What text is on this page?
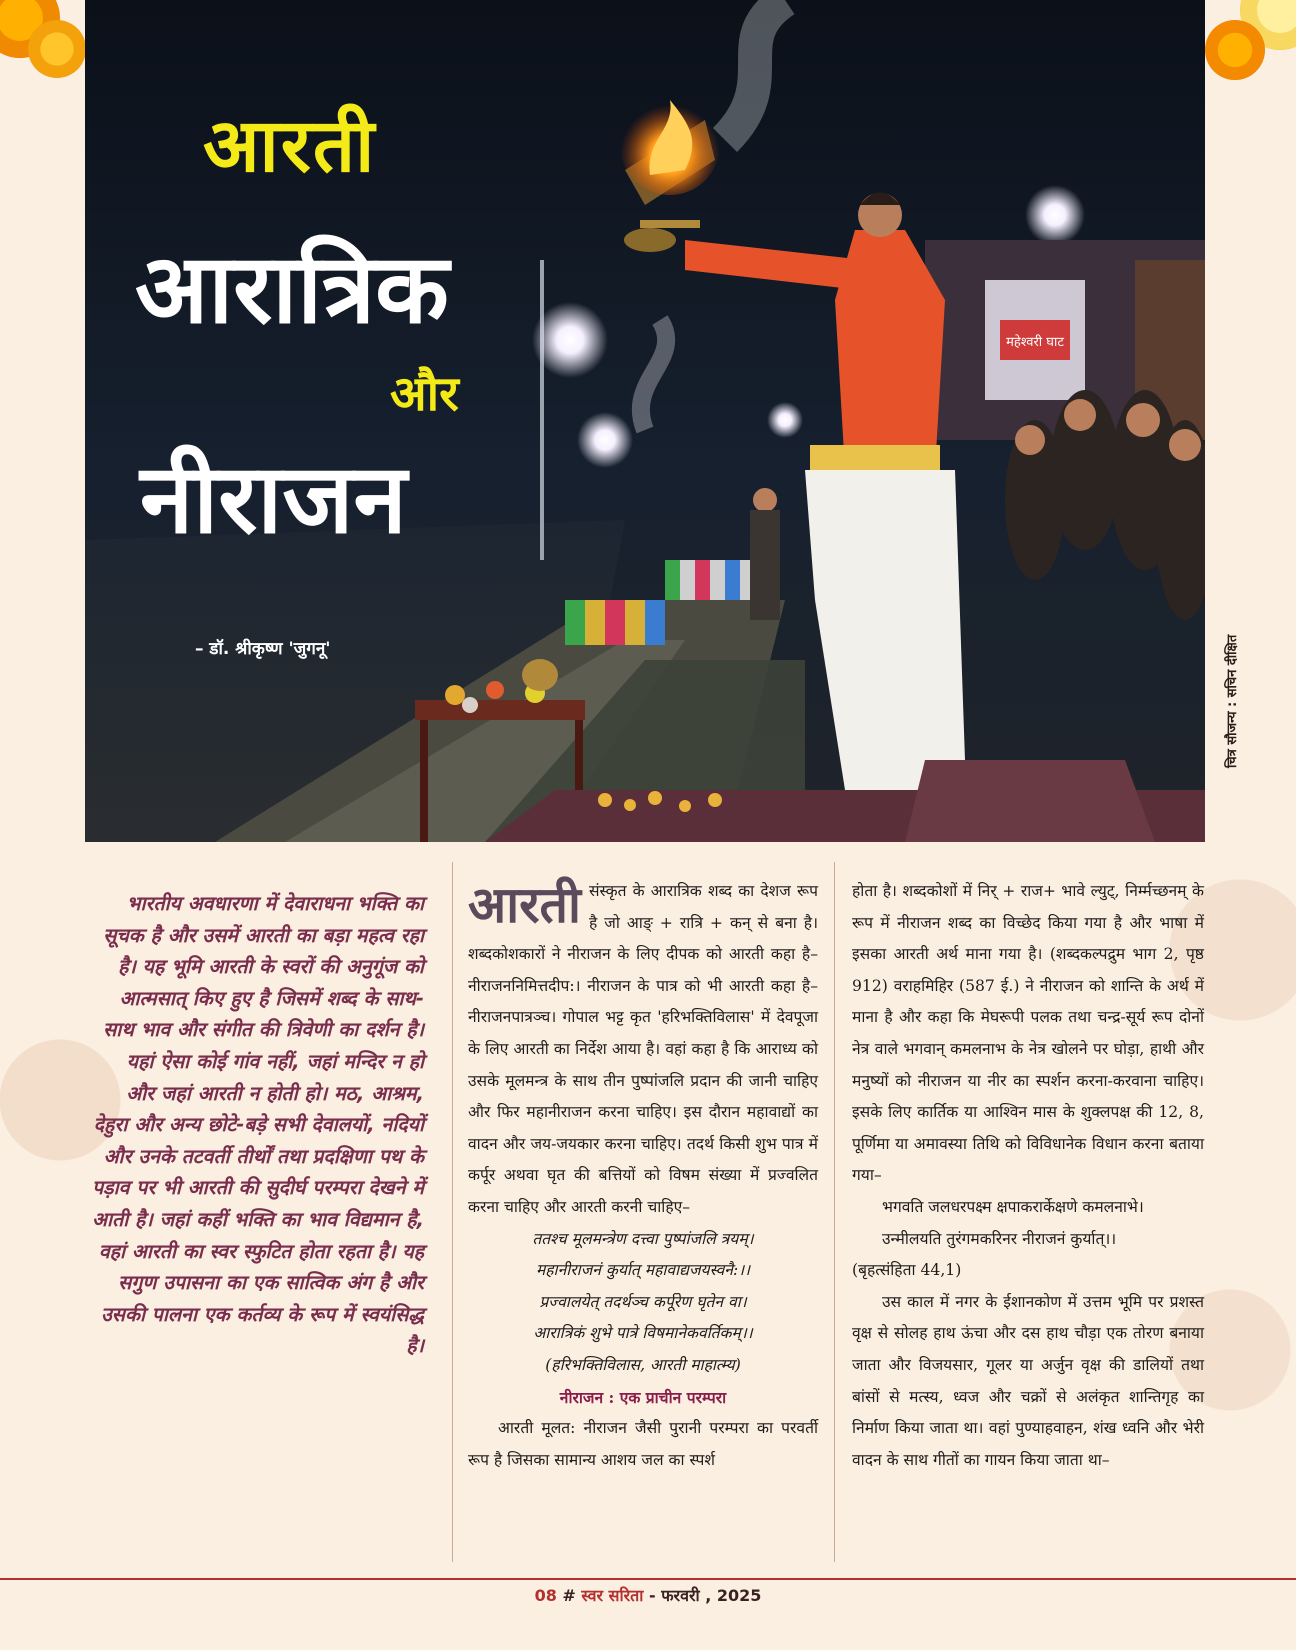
महेश्वरी घाट
आरती
आरात्रिक
और
नीराजन
– डॉ. श्रीकृष्ण 'जुगनू'	चित्र सौजन्य : सचिन दीक्षित
भारतीय अवधारणा में देवाराधना भक्ति का सूचक है और उसमें आरती का बड़ा महत्व रहा है। यह भूमि आरती के स्वरों की अनुगूंज को आत्मसात् किए हुए है जिसमें शब्द के साथ-साथ भाव और संगीत की त्रिवेणी का दर्शन है। यहां ऐसा कोई गांव नहीं, जहां मन्दिर न हो और जहां आरती न होती हो। मठ, आश्रम, देहुरा और अन्य छोटे-बड़े सभी देवालयों, नदियों और उनके तटवर्ती तीर्थों तथा प्रदक्षिणा पथ के पड़ाव पर भी आरती की सुदीर्घ परम्परा देखने में आती है। जहां कहीं भक्ति का भाव विद्यमान है, वहां आरती का स्वर स्फुटित होता रहता है। यह सगुण उपासना का एक सात्विक अंग है और उसकी पालना एक कर्तव्य के रूप में स्वयंसिद्ध है।

आरती संस्कृत के आरात्रिक शब्द का देशज रूप है जो आङ् + रात्रि + कन् से बना है। शब्दकोशकारों ने नीराजन के लिए दीपक को आरती कहा है– नीराजननिमित्तदीप:। नीराजन के पात्र को भी आरती कहा है– नीराजनपात्रञ्च। गोपाल भट्ट कृत 'हरिभक्तिविलास' में देवपूजा के लिए आरती का निर्देश आया है। वहां कहा है कि आराध्य को उसके मूलमन्त्र के साथ तीन पुष्पांजलि प्रदान की जानी चाहिए और फिर महानीराजन करना चाहिए। इस दौरान महावाद्यों का वादन और जय-जयकार करना चाहिए। तदर्थ किसी शुभ पात्र में कर्पूर अथवा घृत की बत्तियों को विषम संख्या में प्रज्वलित करना चाहिए और आरती करनी चाहिए–

ततश्च मूलमन्त्रेण दत्त्वा पुष्पांजलि त्रयम्।

महानीराजनं कुर्यात् महावाद्यजयस्वनै:।।

प्रज्वालयेत् तदर्थञ्च कर्पूरेण घृतेन वा।

आरात्रिकं शुभे पात्रे विषमानेकवर्तिकम्।।

(हरिभक्तिविलास, आरती माहात्म्य)

नीराजन : एक प्राचीन परम्परा

आरती मूलत: नीराजन जैसी पुरानी परम्परा का परवर्ती रूप है जिसका सामान्य आशय जल का स्पर्श

होता है। शब्दकोशों में निर् + राज+ भावे ल्युट्, निर्म्मच्छनम् के रूप में नीराजन शब्द का विच्छेद किया गया है और भाषा में इसका आरती अर्थ माना गया है। (शब्दकल्पद्रुम भाग 2, पृष्ठ 912) वराहमिहिर (587 ई.) ने नीराजन को शान्ति के अर्थ में माना है और कहा कि मेघरूपी पलक तथा चन्द्र-सूर्य रूप दोनों नेत्र वाले भगवान् कमलनाभ के नेत्र खोलने पर घोड़ा, हाथी और मनुष्यों को नीराजन या नीर का स्पर्शन करना-करवाना चाहिए। इसके लिए कार्तिक या आश्विन मास के शुक्लपक्ष की 12, 8, पूर्णिमा या अमावस्या तिथि को विविधानेक विधान करना बताया गया–

भगवति जलधरपक्ष्म क्षपाकरार्केक्षणे कमलनाभे।

उन्मीलयति तुरंगमकरिनर नीराजनं कुर्यात्।।

(बृहत्संहिता 44,1)

उस काल में नगर के ईशानकोण में उत्तम भूमि पर प्रशस्त वृक्ष से सोलह हाथ ऊंचा और दस हाथ चौड़ा एक तोरण बनाया जाता और विजयसार, गूलर या अर्जुन वृक्ष की डालियों तथा बांसों से मत्स्य, ध्वज और चक्रों से अलंकृत शान्तिगृह का निर्माण किया जाता था। वहां पुण्याहवाहन, शंख ध्वनि और भेरी वादन के साथ गीतों का गायन किया जाता था–

08 # स्वर सरिता - फरवरी , 2025
